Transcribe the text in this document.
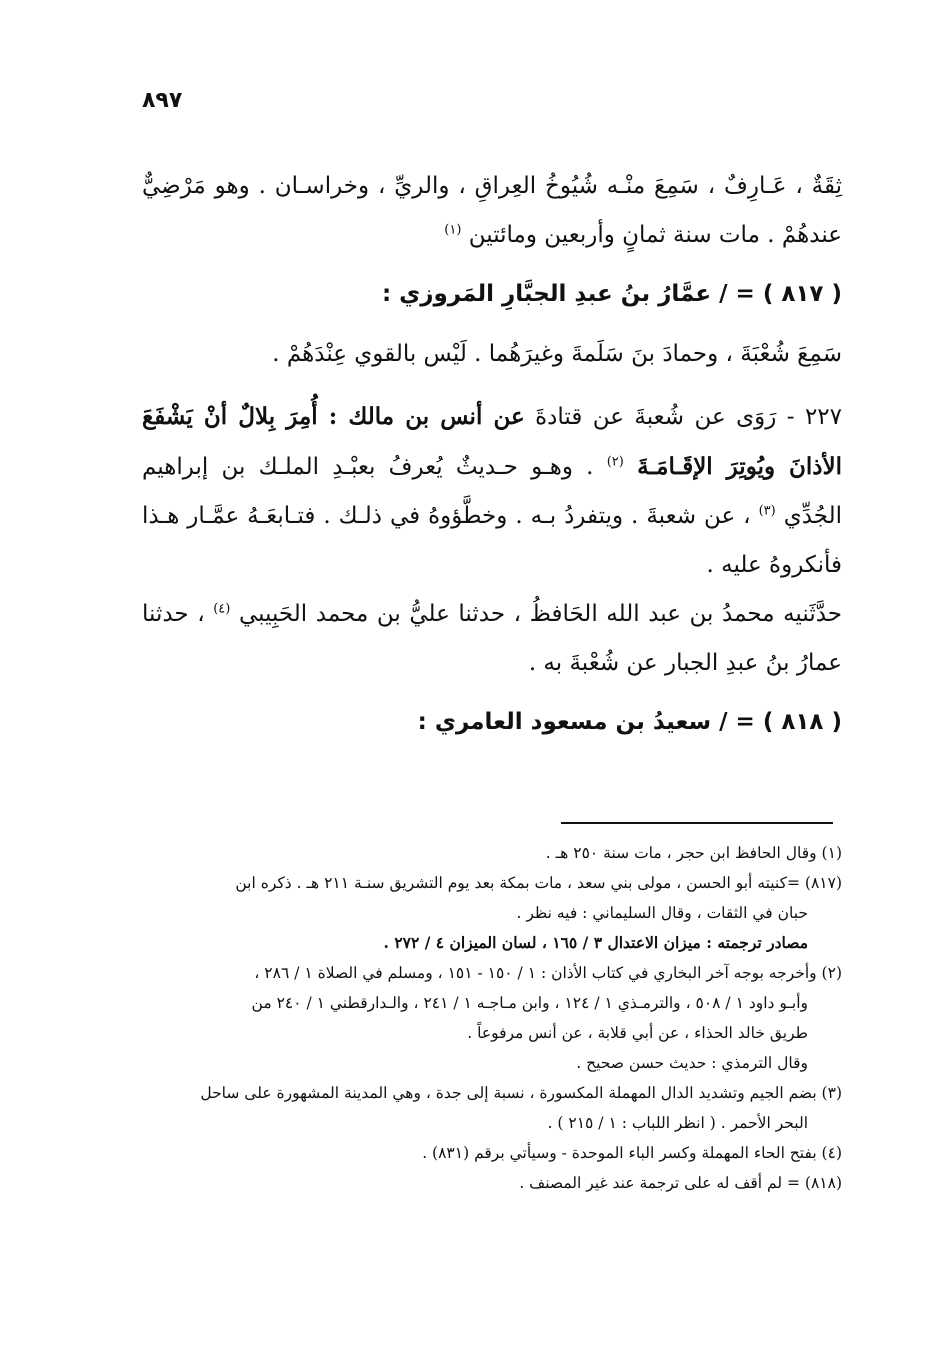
٨٩٧

ثِقَةٌ ، عَـارِفٌ ، سَمِعَ منْـه شُيُوخُ العِراقِ ، والريِّ ، وخراسـان . وهو مَرْضِيٌّ عندهُمْ . مات سنة ثمانٍ وأربعين ومائتين $^{(١)}$

( ٨١٧ ) = / عمَّارُ بنُ عبدِ الجبَّارِ المَروزي :

سَمِعَ شُعْبَةَ ، وحمادَ بنَ سَلَمةَ وغيرَهُما . لَيْس بالقوي عِنْدَهُمْ .

٢٢٧ - رَوَى عن شُعبةَ عن قتادةَ عن أنس بن مالك : أُمِرَ بِلالٌ أنْ يَشْفَعَ الأذانَ ويُوتِرَ الإقَـامَـةَ $^{(٢)}$ . وهـو حـديثٌ يُعرفُ بعبْـدِ الملـك بن إبراهيم الجُدِّي $^{(٣)}$ ، عن شعبةَ . ويتفردُ بـه . وخطَّؤوهُ في ذلـك . فتـابعَـهُ عمَّـار هـذا فأنكروهُ عليه .

حدَّثَنيه محمدُ بن عبد الله الحَافظُ ، حدثنا عليُّ بن محمد الحَبِيبي $^{(٤)}$ ، حدثنا عمارُ بنُ عبدِ الجبار عن شُعْبةَ به .

( ٨١٨ ) = / سعيدُ بن مسعود العامري :
(١) وقال الحافظ ابن حجر ، مات سنة ٢٥٠ هـ .
(٨١٧) =كنيته أبو الحسن ، مولى بني سعد ، مات بمكة بعد يوم التشريق سنـة ٢١١ هـ . ذكره ابن
حبان في الثقات ، وقال السليماني : فيه نظر .
مصادر ترجمته : ميزان الاعتدال ٣ / ١٦٥ ، لسان الميزان ٤ / ٢٧٢ .
(٢) وأخرجه بوجه آخر البخاري في كتاب الأذان : ١ / ١٥٠ - ١٥١ ، ومسلم في الصلاة ١ / ٢٨٦ ،
وأبـو داود ١ / ٥٠٨ ، والترمـذي ١ / ١٢٤ ، وابن مـاجـه ١ / ٢٤١ ، والـدارقطني ١ / ٢٤٠ من
طريق خالد الحذاء ، عن أبي قلابة ، عن أنس مرفوعاً .
وقال الترمذي : حديث حسن صحيح .
(٣) بضم الجيم وتشديد الدال المهملة المكسورة ، نسبة إلى جدة ، وهي المدينة المشهورة على ساحل
البحر الأحمر . ( انظر اللباب : ١ / ٢١٥ ) .
(٤) بفتح الحاء المهملة وكسر الباء الموحدة - وسيأتي برقم (٨٣١) .
(٨١٨) = لم أقف له على ترجمة عند غير المصنف .
